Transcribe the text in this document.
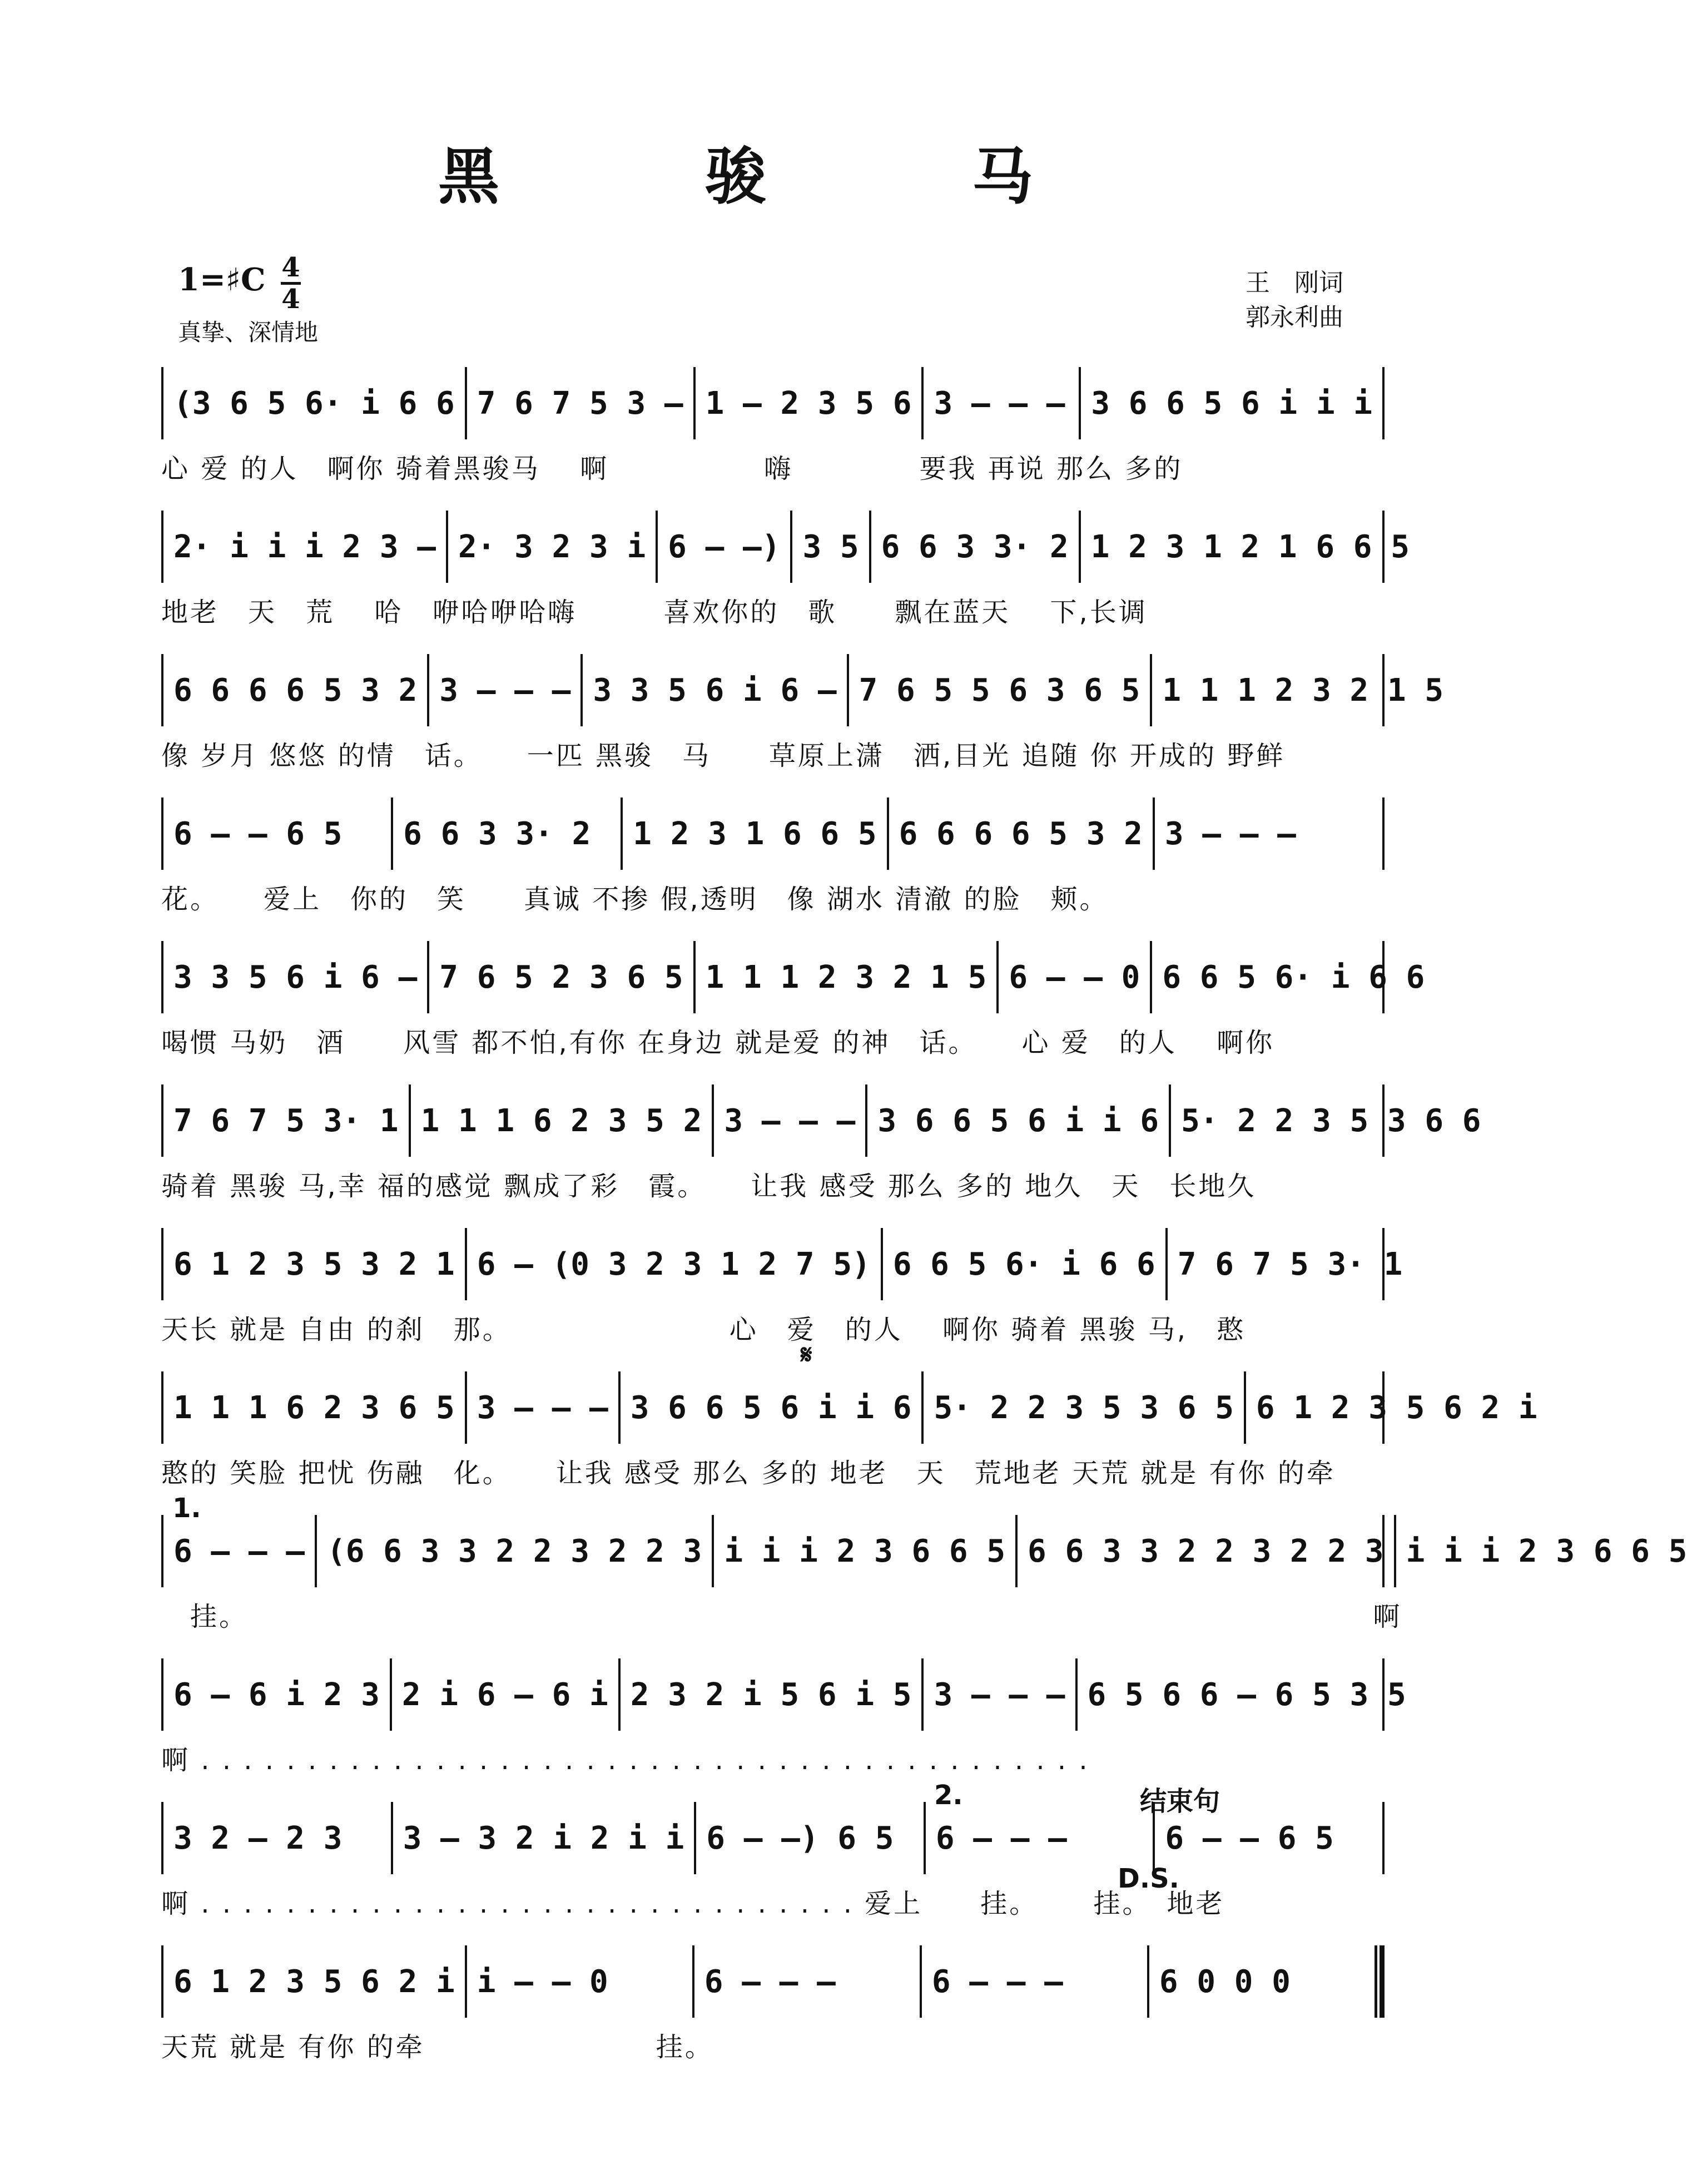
黑　骏　马
1=♯C 4
4
真挚、深情地
王　刚词
郭永利曲
(3 6 5 6· i 6 6 7 6 7 5 3 – 1 – 2 3 5 6 3 – – – 3 6 6 5 6 i i i
心 爱 的人　啊你 骑着黑骏马　 啊　　　　　 嗨　　　　 要我 再说 那么 多的
2· i i i 2 3 – 2· 3 2 3 i 6 – –) 3 5 6 6 3 3· 2 1 2 3 1 2 1 6 6 5
地老　天　荒　 哈　咿哈咿哈嗨　　　喜欢你的　歌　　飘在蓝天　 下,长调
6 6 6 6 5 3 2 3 – – – 3 3 5 6 i 6 – 7 6 5 5 6 3 6 5 1 1 1 2 3 2 1 5
像 岁月 悠悠 的情　话。　　一匹 黑骏　马　　草原上潇　洒,目光 追随 你 开成的 野鲜
6 – – 6 5	6 6 3 3· 2	1 2 3 1 6 6 5 6 6 6 6 5 3 2 3 – – –
花。　　爱上　你的　笑　　真诚 不掺 假,透明　像 湖水 清澈 的脸　颊。
3 3 5 6 i 6 – 7 6 5 2 3 6 5 1 1 1 2 3 2 1 5 6 – – 0 6 6 5 6· i 6 6
喝惯 马奶　酒　　风雪 都不怕,有你 在身边 就是爱 的神　话。　　心 爱　的人　 啊你
7 6 7 5 3· 1 1 1 1 6 2 3 5 2 3 – – – 3 6 6 5 6 i i 6 5· 2 2 3 5 3 6 6
骑着 黑骏 马,幸 福的感觉 飘成了彩　霞。　　让我 感受 那么 多的 地久　天　长地久
6 1 2 3 5 3 2 1 6 – (0 3 2 3 1 2 7 5) 6 6 5 6· i 6 6 7 6 7 5 3· 1
天长 就是 自由 的刹　那。　　　　　　　　心　爱　的人　 啊你 骑着 黑骏 马,　憨
𝄋
1 1 1 6 2 3 6 5 3 – – – 3 6 6 5 6 i i 6 5· 2 2 3 5 3 6 5 6 1 2 3 5 6 2 i
憨的 笑脸 把忧 伤融　化。　　让我 感受 那么 多的 地老　天　荒地老 天荒 就是 有你 的牵
6 – – – (6 6 3 3 2 2 3 2 2 3 i i i 2 3 6 6 5 6 6 3 3 2 2 3 2 2 3 i i i 2 3 6 6 5
　挂。　　　　　　　　　　　　　　　　　　　　　　　　　　　　　　　　　　　　　　　 啊
1.
6 – 6 i 2 3 2 i 6 – 6 i 2 3 2 i 5 6 i 5 3 – – – 6 5 6 6 – 6 5 3 5
啊 . . . . . . . . . . . . . . . . . . . . . . . . . . . . . . . . . . . . . . . . . .
3 2 – 2 3	3 – 3 2 i 2 i i 6 – –) 6 5	6 – – –	6 – – 6 5
啊 . . . . . . . . . . . . . . . . . . . . . . . . . . . . . . . 爱上　　挂。　　 挂。　地老
2.	结束句
D.S.
6 1 2 3 5 6 2 i i – – 0	6 – – –	6 – – –	6 0 0 0
天荒 就是 有你 的牵　　　　　　　　挂。
